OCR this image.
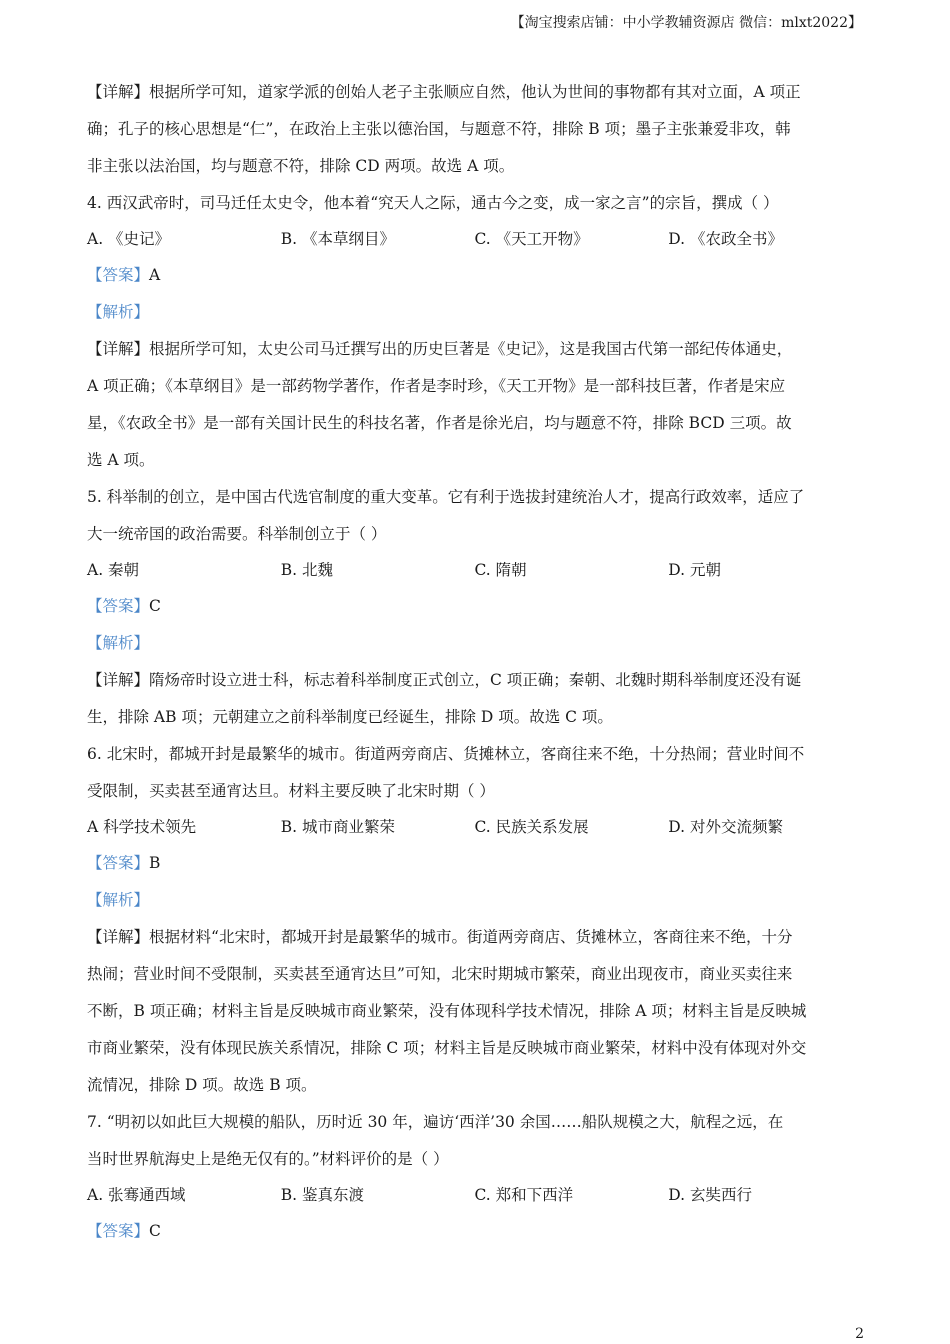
【淘宝搜索店铺：中小学教辅资源店 微信：mlxt2022】
【详解】根据所学可知，道家学派的创始人老子主张顺应自然，他认为世间的事物都有其对立面，A 项正
确；孔子的核心思想是“仁”，在政治上主张以德治国，与题意不符，排除 B 项；墨子主张兼爱非攻，韩
非主张以法治国，均与题意不符，排除 CD 两项。故选 A 项。
4. 西汉武帝时，司马迁任太史令，他本着“究天人之际，通古今之变，成一家之言”的宗旨，撰成（ ）
A. 《史记》	B. 《本草纲目》	C. 《天工开物》	D. 《农政全书》
【答案】A
【解析】
【详解】根据所学可知，太史公司马迁撰写出的历史巨著是《史记》，这是我国古代第一部纪传体通史，
A 项正确；《本草纲目》是一部药物学著作，作者是李时珍，《天工开物》是一部科技巨著，作者是宋应
星，《农政全书》是一部有关国计民生的科技名著，作者是徐光启，均与题意不符，排除 BCD 三项。故
选 A 项。
5. 科举制的创立，是中国古代选官制度的重大变革。它有利于选拔封建统治人才，提高行政效率，适应了
大一统帝国的政治需要。科举制创立于（ ）
A. 秦朝	B. 北魏	C. 隋朝	D. 元朝
【答案】C
【解析】
【详解】隋炀帝时设立进士科，标志着科举制度正式创立，C 项正确；秦朝、北魏时期科举制度还没有诞
生，排除 AB 项；元朝建立之前科举制度已经诞生，排除 D 项。故选 C 项。
6. 北宋时，都城开封是最繁华的城市。街道两旁商店、货摊林立，客商往来不绝，十分热闹；营业时间不
受限制，买卖甚至通宵达旦。材料主要反映了北宋时期（ ）
A 科学技术领先	B. 城市商业繁荣	C. 民族关系发展	D. 对外交流频繁
【答案】B
【解析】
【详解】根据材料“北宋时，都城开封是最繁华的城市。街道两旁商店、货摊林立，客商往来不绝，十分
热闹；营业时间不受限制，买卖甚至通宵达旦”可知，北宋时期城市繁荣，商业出现夜市，商业买卖往来
不断，B 项正确；材料主旨是反映城市商业繁荣，没有体现科学技术情况，排除 A 项；材料主旨是反映城
市商业繁荣，没有体现民族关系情况，排除 C 项；材料主旨是反映城市商业繁荣，材料中没有体现对外交
流情况，排除 D 项。故选 B 项。
7. “明初以如此巨大规模的船队，历时近 30 年，遍访‘西洋’30 余国……船队规模之大，航程之远，在
当时世界航海史上是绝无仅有的。”材料评价的是（ ）
A. 张骞通西域	B. 鉴真东渡	C. 郑和下西洋	D. 玄奘西行
【答案】C
2
